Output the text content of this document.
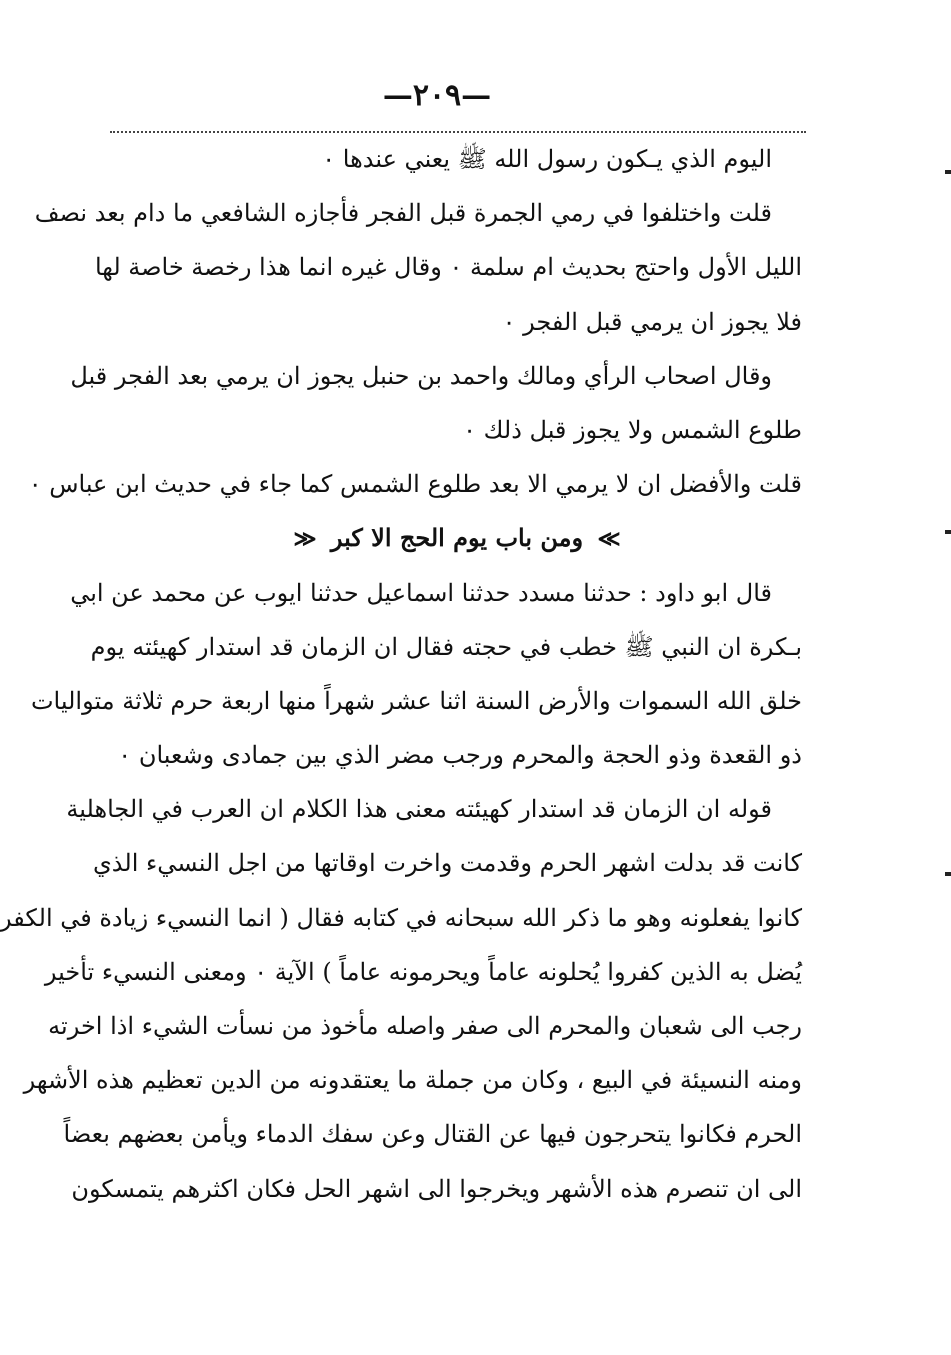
—٢٠٩—
اليوم الذي يـكون رسول الله ﷺ يعني عندها ٠
قلت واختلفوا في رمي الجمرة قبل الفجر فأجازه الشافعي ما دام بعد نصف
الليل الأول واحتج بحديث ام سلمة ٠ وقال غيره انما هذا رخصة خاصة لها
فلا يجوز ان يرمي قبل الفجر ٠
وقال اصحاب الرأي ومالك واحمد بن حنبل يجوز ان يرمي بعد الفجر قبل
طلوع الشمس ولا يجوز قبل ذلك ٠
قلت والأفضل ان لا يرمي الا بعد طلوع الشمس كما جاء في حديث ابن عباس ٠
≫ ومن باب يوم الحج الا كبر ≪
قال ابو داود : حدثنا مسدد حدثنا اسماعيل حدثنا ايوب عن محمد عن ابي
بـكرة ان النبي ﷺ خطب في حجته فقال ان الزمان قد استدار كهيئته يوم
خلق الله السموات والأرض السنة اثنا عشر شهراً منها اربعة حرم ثلاثة متواليات
ذو القعدة وذو الحجة والمحرم ورجب مضر الذي بين جمادى وشعبان ٠
قوله ان الزمان قد استدار كهيئته معنى هذا الكلام ان العرب في الجاهلية
كانت قد بدلت اشهر الحرم وقدمت واخرت اوقاتها من اجل النسيء الذي
كانوا يفعلونه وهو ما ذكر الله سبحانه في كتابه فقال ( انما النسيء زيادة في الكفر
يُضل به الذين كفروا يُحلونه عاماً ويحرمونه عاماً ) الآية ٠ ومعنى النسيء تأخير
رجب الى شعبان والمحرم الى صفر واصله مأخوذ من نسأت الشيء اذا اخرته
ومنه النسيئة في البيع ، وكان من جملة ما يعتقدونه من الدين تعظيم هذه الأشهر
الحرم فكانوا يتحرجون فيها عن القتال وعن سفك الدماء ويأمن بعضهم بعضاً
الى ان تنصرم هذه الأشهر ويخرجوا الى اشهر الحل فكان اكثرهم يتمسكون
